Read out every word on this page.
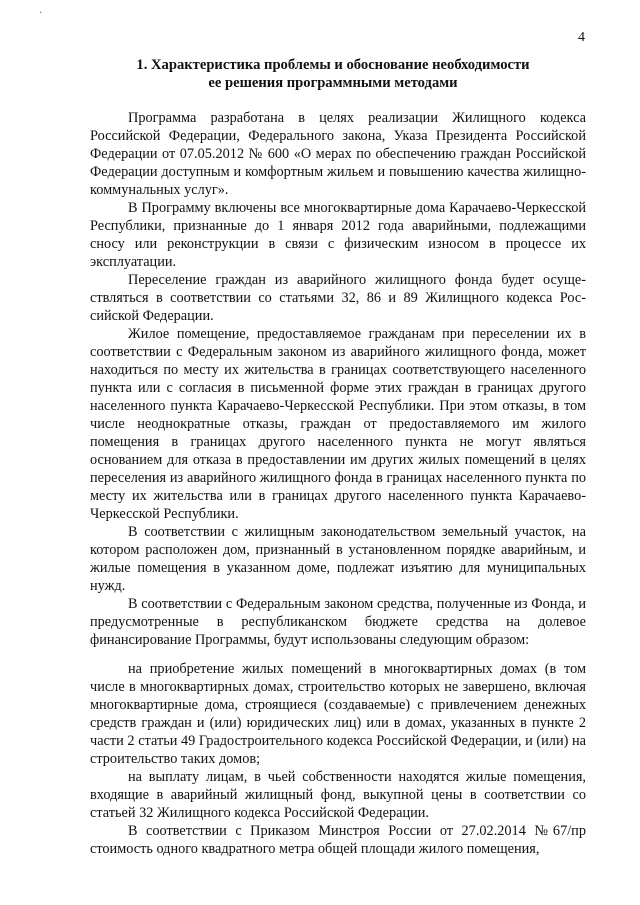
·
4
1. Характеристика проблемы и обоснование необходимости
ее решения программными методами

Программа разработана в целях реализации Жилищного кодекса Российской Федерации, Федерального закона, Указа Президента Российской Федерации от 07.05.2012 № 600 «О мерах по обеспечению граждан Российской Федерации доступным и комфортным жильем и повышению качества жилищно-коммунальных услуг».

В Программу включены все многоквартирные дома Карачаево-Черкесской Республики, признанные до 1 января 2012 года аварийными, подлежащими сносу или реконструкции в связи с физическим износом в процессе их эксплуатации.

Переселение граждан из аварийного жилищного фонда будет осуществляться в соответствии со статьями 32, 86 и 89 Жилищного кодекса Российской Федерации.

Жилое помещение, предоставляемое гражданам при переселении их в соответствии с Федеральным законом из аварийного жилищного фонда, может находиться по месту их жительства в границах соответствующего населенного пункта или с согласия в письменной форме этих граждан в границах другого населенного пункта Карачаево-Черкесской Республики. При этом отказы, в том числе неоднократные отказы, граждан от предоставляемого им жилого помещения в границах другого населенного пункта не могут являться основанием для отказа в предоставлении им других жилых помещений в целях переселения из аварийного жилищного фонда в границах населенного пункта по месту их жительства или в границах другого населенного пункта Карачаево-Черкесской Республики.

В соответствии с жилищным законодательством земельный участок, на котором расположен дом, признанный в установленном порядке аварийным, и жилые помещения в указанном доме, подлежат изъятию для муниципальных нужд.

В соответствии с Федеральным законом средства, полученные из Фонда, и предусмотренные в республиканском бюджете средства на долевое финансирование Программы, будут использованы следующим образом:

на приобретение жилых помещений в многоквартирных домах (в том числе в многоквартирных домах, строительство которых не завершено, включая многоквартирные дома, строящиеся (создаваемые) с привлечением денежных средств граждан и (или) юридических лиц) или в домах, указанных в пункте 2 части 2 статьи 49 Градостроительного кодекса Российской Федерации, и (или) на строительство таких домов;

на выплату лицам, в чьей собственности находятся жилые помещения, входящие в аварийный жилищный фонд, выкупной цены в соответствии со статьей 32 Жилищного кодекса Российской Федерации.

В соответствии с Приказом Минстроя России от 27.02.2014 №67/пр стоимость одного квадратного метра общей площади жилого помещения,
